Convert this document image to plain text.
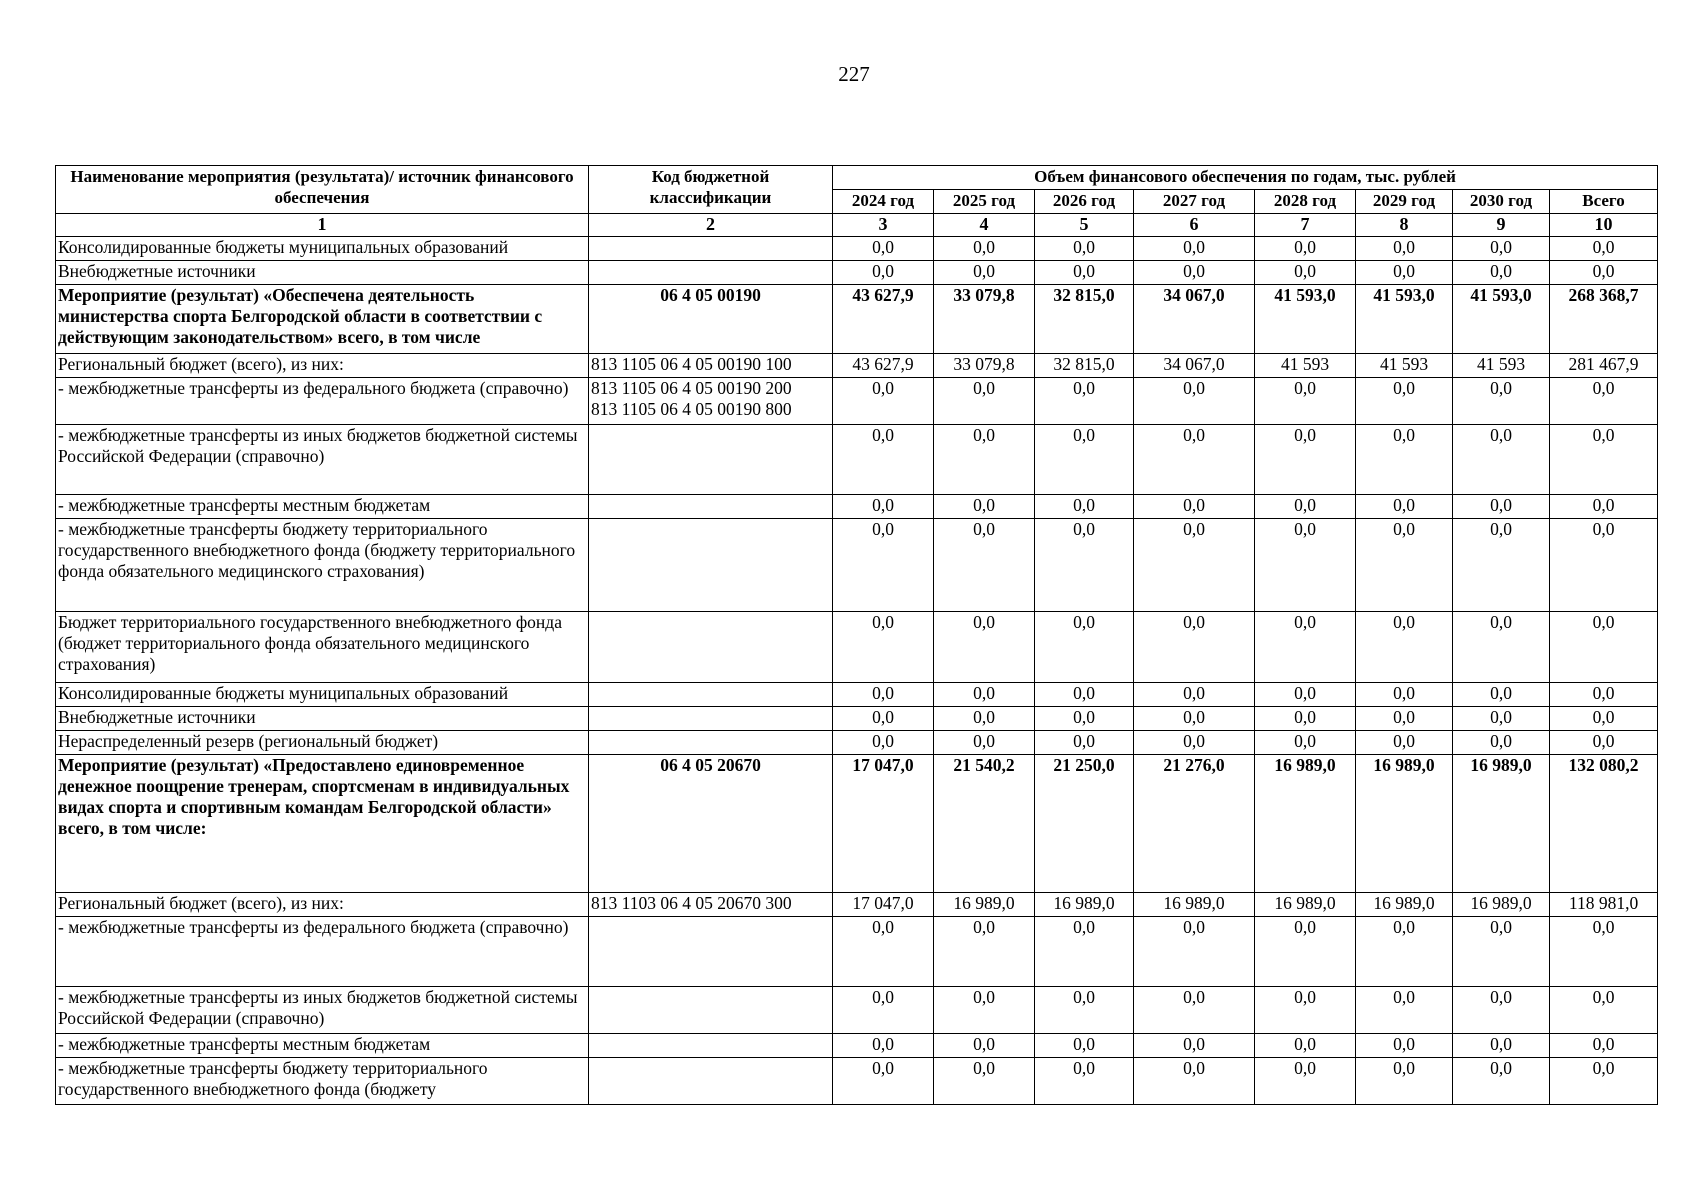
227
Наименование мероприятия (результата)/ источник финансового обеспечения	Код бюджетной классификации	Объем финансового обеспечения по годам, тыс. рублей							
		2024 год	2025 год	2026 год	2027 год	2028 год	2029 год	2030 год	Всего
1	2	3	4	5	6	7	8	9	10
Консолидированные бюджеты муниципальных образований		0,0	0,0	0,0	0,0	0,0	0,0	0,0	0,0
Внебюджетные источники		0,0	0,0	0,0	0,0	0,0	0,0	0,0	0,0
Мероприятие (результат) «Обеспечена деятельность министерства спорта Белгородской области в соответствии с действующим законодательством» всего, в том числе	06 4 05 00190	43 627,9	33 079,8	32 815,0	34 067,0	41 593,0	41 593,0	41 593,0	268 368,7
Региональный бюджет (всего), из них:	813 1105 06 4 05 00190 100	43 627,9	33 079,8	32 815,0	34 067,0	41 593	41 593	41 593	281 467,9
- межбюджетные трансферты из федерального бюджета (справочно)	813 1105 06 4 05 00190 200
813 1105 06 4 05 00190 800	0,0	0,0	0,0	0,0	0,0	0,0	0,0	0,0
- межбюджетные трансферты из иных бюджетов бюджетной системы Российской Федерации (справочно)		0,0	0,0	0,0	0,0	0,0	0,0	0,0	0,0
- межбюджетные трансферты местным бюджетам		0,0	0,0	0,0	0,0	0,0	0,0	0,0	0,0
- межбюджетные трансферты бюджету территориального государственного внебюджетного фонда (бюджету территориального фонда обязательного медицинского страхования)		0,0	0,0	0,0	0,0	0,0	0,0	0,0	0,0
Бюджет территориального государственного внебюджетного фонда (бюджет территориального фонда обязательного медицинского страхования)		0,0	0,0	0,0	0,0	0,0	0,0	0,0	0,0
Консолидированные бюджеты муниципальных образований		0,0	0,0	0,0	0,0	0,0	0,0	0,0	0,0
Внебюджетные источники		0,0	0,0	0,0	0,0	0,0	0,0	0,0	0,0
Нераспределенный резерв (региональный бюджет)		0,0	0,0	0,0	0,0	0,0	0,0	0,0	0,0
Мероприятие (результат) «Предоставлено единовременное денежное поощрение тренерам, спортсменам в индивидуальных видах спорта и спортивным командам Белгородской области» всего, в том числе:	06 4 05 20670	17 047,0	21 540,2	21 250,0	21 276,0	16 989,0	16 989,0	16 989,0	132 080,2
Региональный бюджет (всего), из них:	813 1103 06 4 05 20670 300	17 047,0	16 989,0	16 989,0	16 989,0	16 989,0	16 989,0	16 989,0	118 981,0
- межбюджетные трансферты из федерального бюджета (справочно)		0,0	0,0	0,0	0,0	0,0	0,0	0,0	0,0
- межбюджетные трансферты из иных бюджетов бюджетной системы Российской Федерации (справочно)		0,0	0,0	0,0	0,0	0,0	0,0	0,0	0,0
- межбюджетные трансферты местным бюджетам		0,0	0,0	0,0	0,0	0,0	0,0	0,0	0,0
- межбюджетные трансферты бюджету территориального государственного внебюджетного фонда (бюджету		0,0	0,0	0,0	0,0	0,0	0,0	0,0	0,0
